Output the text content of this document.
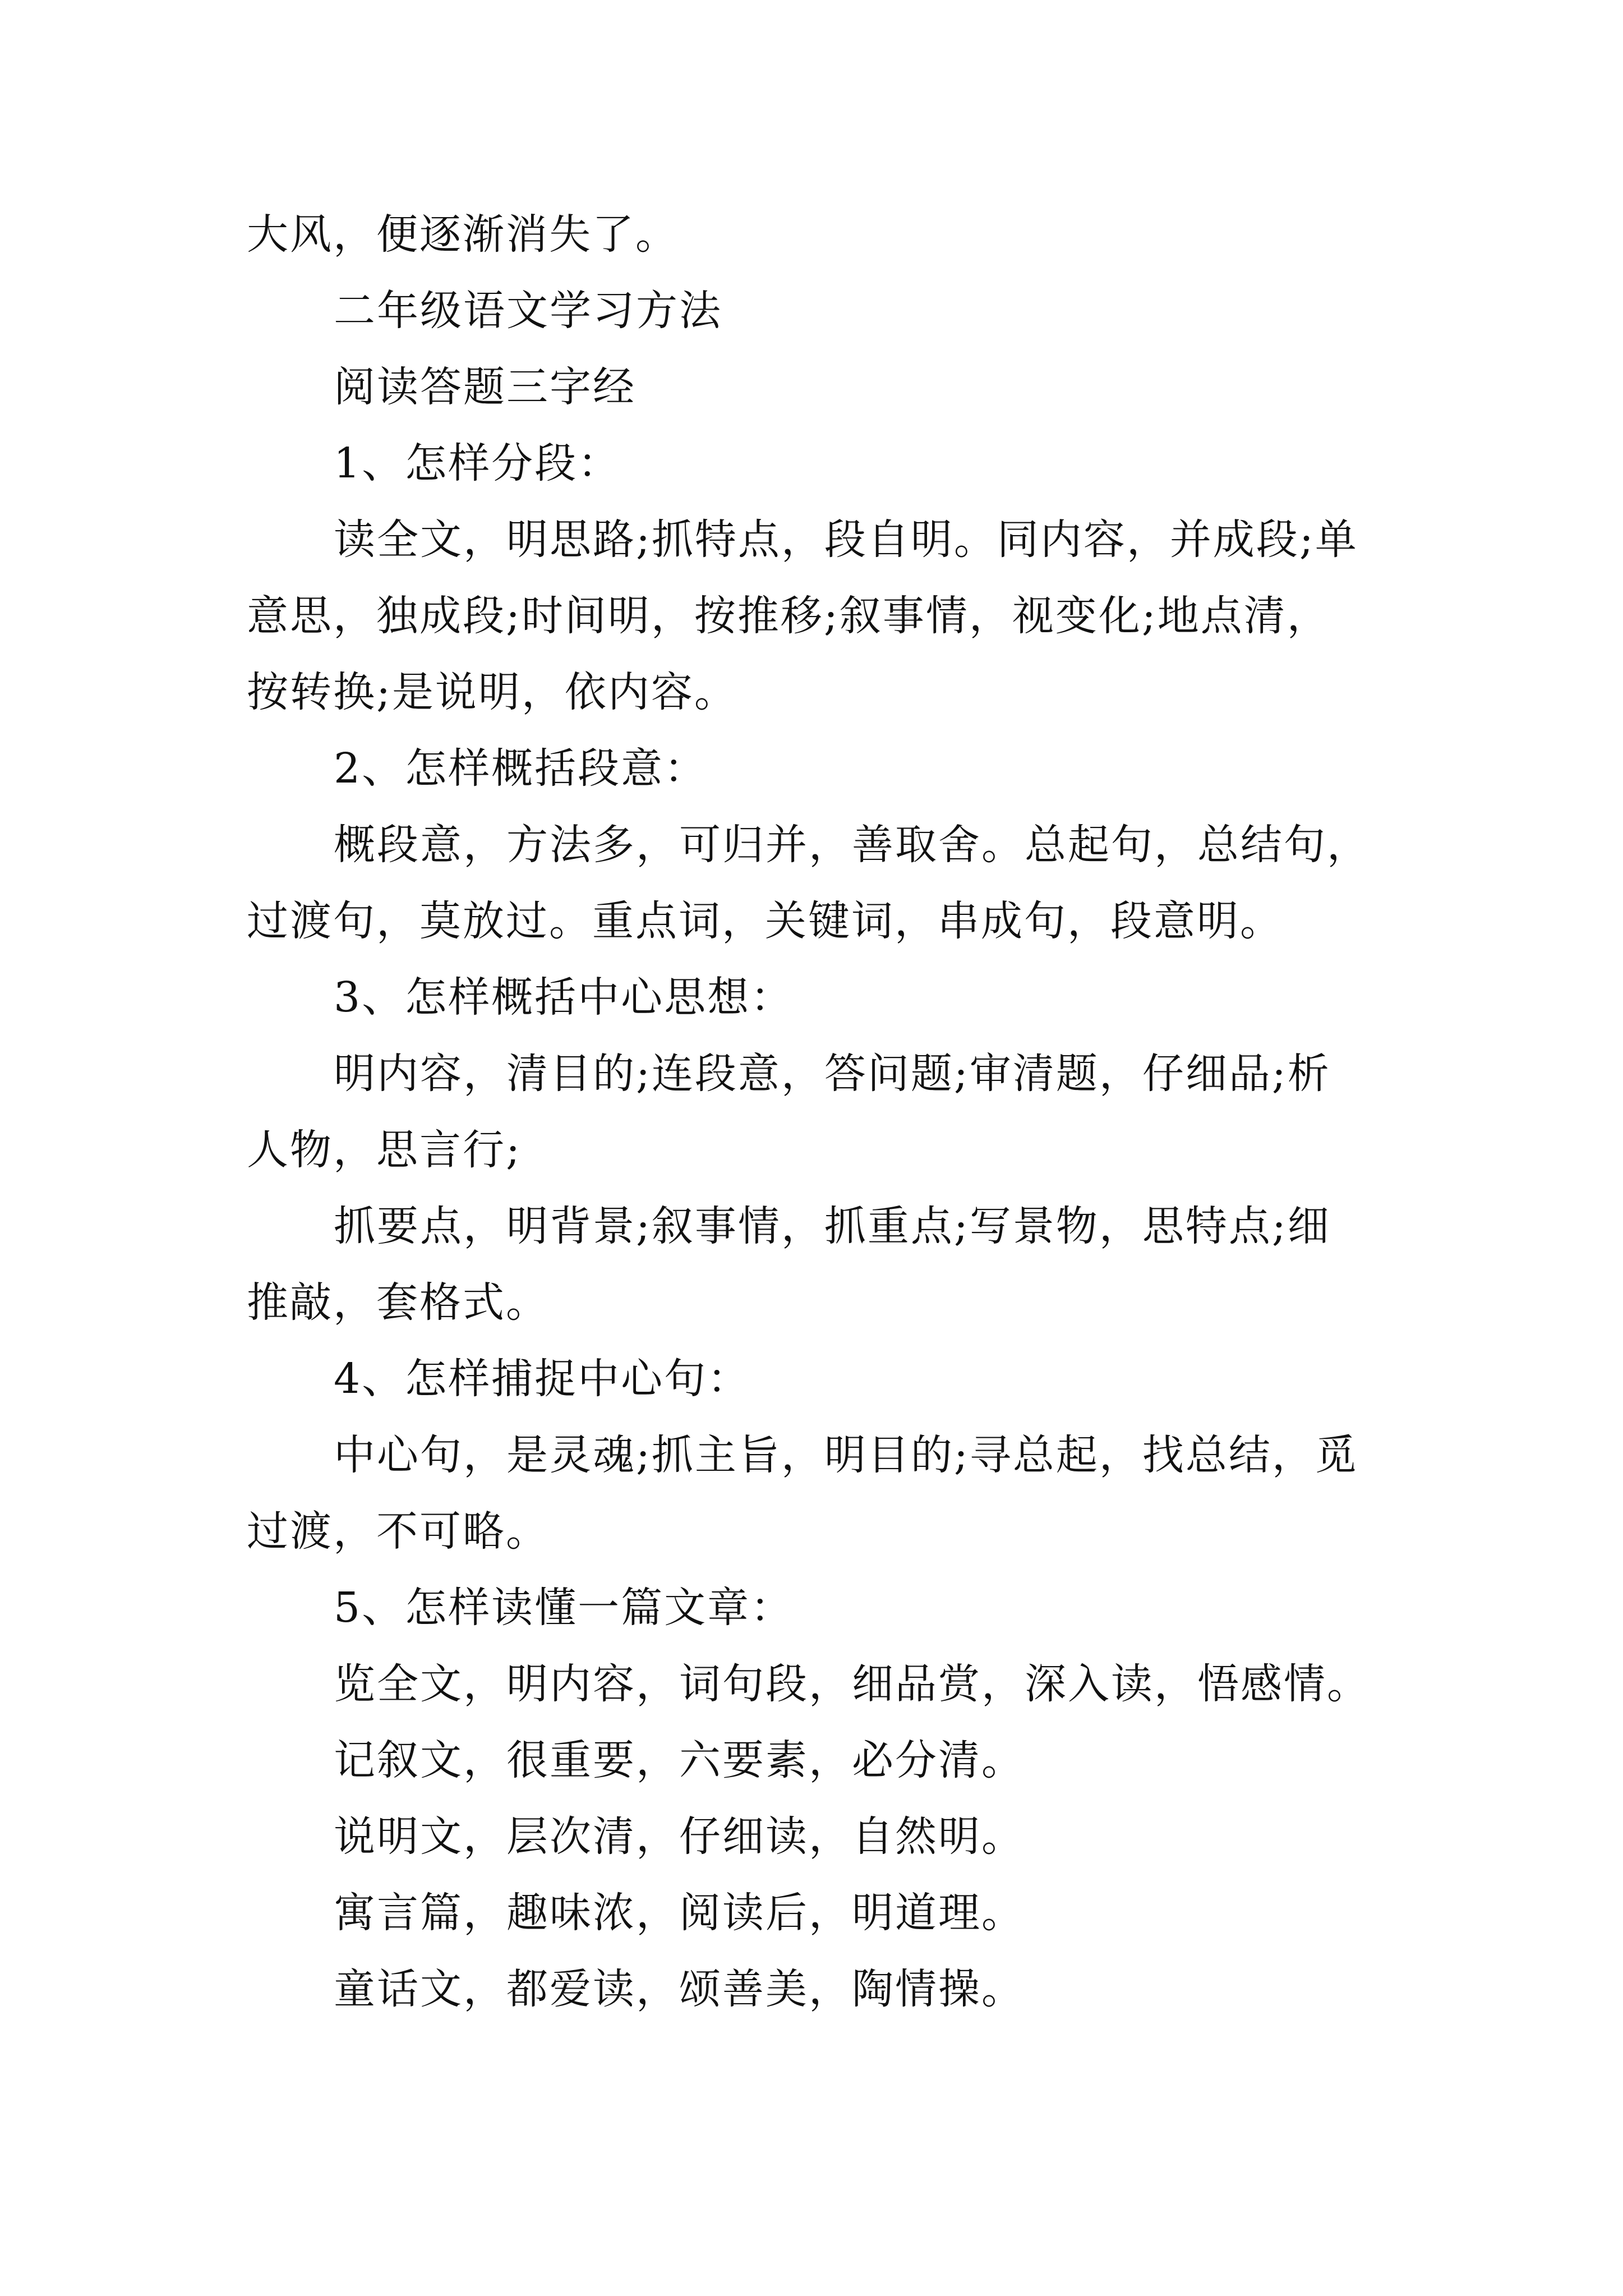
大风，便逐渐消失了。
二年级语文学习方法
阅读答题三字经
1、怎样分段：
读全文，明思路;抓特点，段自明。同内容，并成段;单
意思，独成段;时间明，按推移;叙事情，视变化;地点清，
按转换;是说明，依内容。
2、怎样概括段意：
概段意，方法多，可归并，善取舍。总起句，总结句，
过渡句，莫放过。重点词，关键词，串成句，段意明。
3、怎样概括中心思想：
明内容，清目的;连段意，答问题;审清题，仔细品;析
人物，思言行;
抓要点，明背景;叙事情，抓重点;写景物，思特点;细
推敲，套格式。
4、怎样捕捉中心句：
中心句，是灵魂;抓主旨，明目的;寻总起，找总结，觅
过渡，不可略。
5、怎样读懂一篇文章：
览全文，明内容，词句段，细品赏，深入读，悟感情。
记叙文，很重要，六要素，必分清。
说明文，层次清，仔细读，自然明。
寓言篇，趣味浓，阅读后，明道理。
童话文，都爱读，颂善美，陶情操。
